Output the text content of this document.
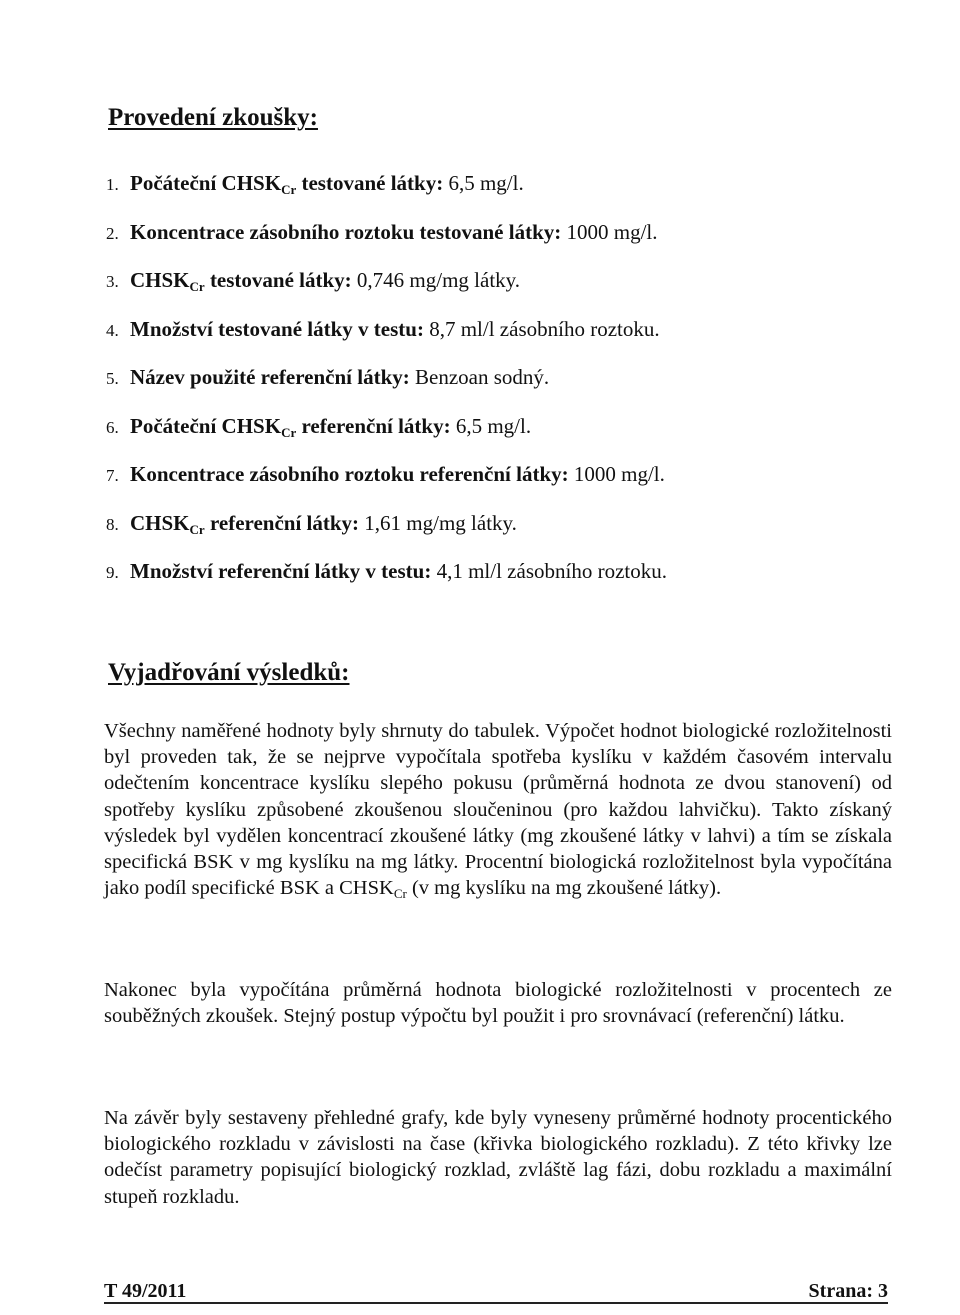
Provedení zkoušky:
1. Počáteční $CHSK_{Cr}$ testované látky: 6,5 mg/l.
2. Koncentrace zásobního roztoku testované látky: 1000 mg/l.
3. $CHSK_{Cr}$ testované látky: 0,746 mg/mg látky.
4. Množství testované látky v testu: 8,7 ml/l zásobního roztoku.
5. Název použité referenční látky: Benzoan sodný.
6. Počáteční $CHSK_{Cr}$ referenční látky: 6,5 mg/l.
7. Koncentrace zásobního roztoku referenční látky: 1000 mg/l.
8. $CHSK_{Cr}$ referenční látky: 1,61 mg/mg látky.
9. Množství referenční látky v testu: 4,1 ml/l zásobního roztoku.
Vyjadřování výsledků:

Všechny naměřené hodnoty byly shrnuty do tabulek. Výpočet hodnot biologické rozložitelnosti byl proveden tak, že se nejprve vypočítala spotřeba kyslíku v každém časovém intervalu odečtením koncentrace kyslíku slepého pokusu (průměrná hodnota ze dvou stanovení) od spotřeby kyslíku způsobené zkoušenou sloučeninou (pro každou lahvičku). Takto získaný výsledek byl vydělen koncentrací zkoušené látky (mg zkoušené látky v lahvi) a tím se získala specifická BSK v mg kyslíku na mg látky. Procentní biologická rozložitelnost byla vypočítána jako podíl specifické BSK a $CHSK_{Cr}$ (v mg kyslíku na mg zkoušené látky).

Nakonec byla vypočítána průměrná hodnota biologické rozložitelnosti v procentech ze souběžných zkoušek. Stejný postup výpočtu byl použit i pro srovnávací (referenční) látku.

Na závěr byly sestaveny přehledné grafy, kde byly vyneseny průměrné hodnoty procentického biologického rozkladu v závislosti na čase (křivka biologického rozkladu). Z této křivky lze odečíst parametry popisující biologický rozklad, zvláště lag fázi, dobu rozkladu a maximální stupeň rozkladu.

T 49/2011	Strana: 3
